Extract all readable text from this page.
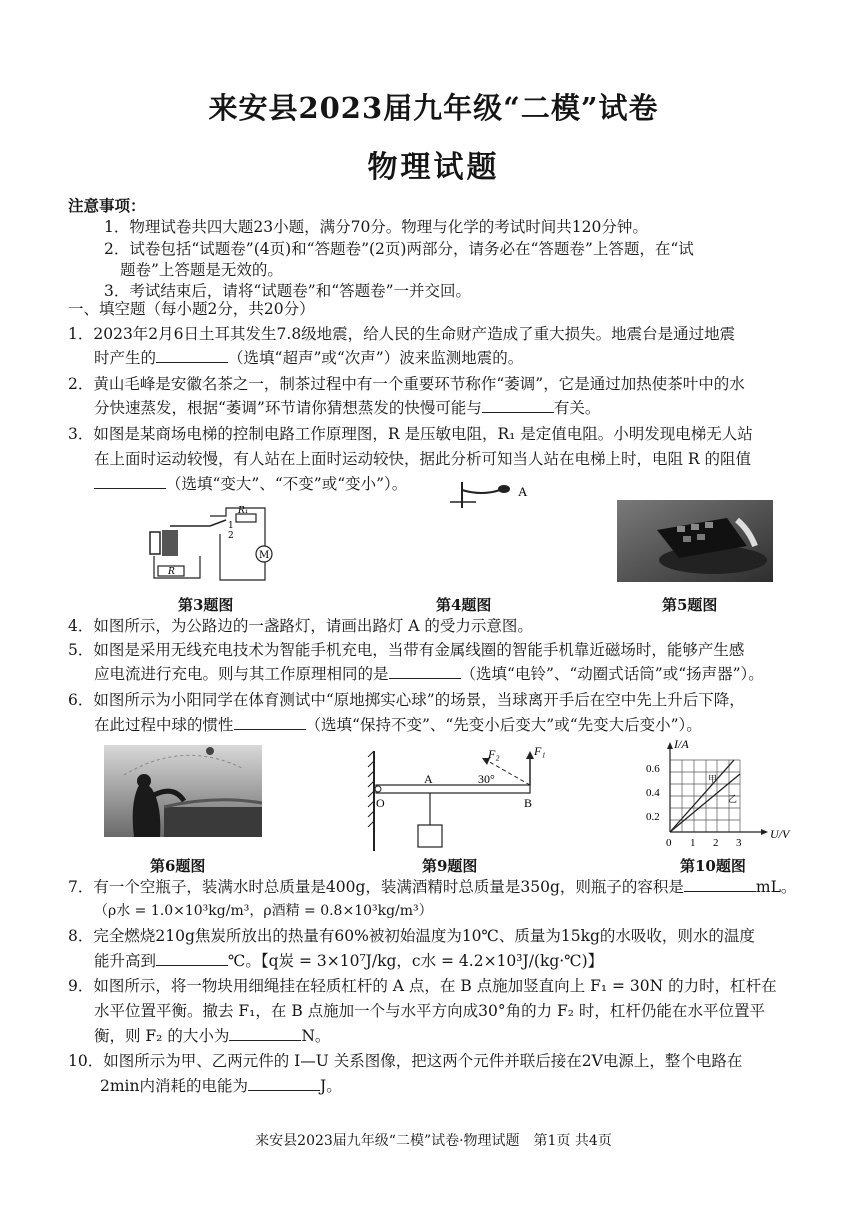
来安县2023届九年级“二模”试卷
物理试题
注意事项：
1．物理试卷共四大题23小题，满分70分。物理与化学的考试时间共120分钟。
2．试卷包括“试题卷”(4页)和“答题卷”(2页)两部分，请务必在“答题卷”上答题，在“试
题卷”上答题是无效的。
3．考试结束后，请将“试题卷”和“答题卷”一并交回。
一、填空题（每小题2分，共20分）
1．2023年2月6日土耳其发生7.8级地震，给人民的生命财产造成了重大损失。地震台是通过地震
时产生的	（选填“超声”或“次声”）波来监测地震的。
2．黄山毛峰是安徽名茶之一，制茶过程中有一个重要环节称作“萎调”，它是通过加热使茶叶中的水
分快速蒸发，根据“萎调”环节请你猜想蒸发的快慢可能与	有关。
3．如图是某商场电梯的控制电路工作原理图，R 是压敏电阻，R₁ 是定值电阻。小明发现电梯无人站
在上面时运动较慢，有人站在上面时运动较快，据此分析可知当人站在电梯上时，电阻 R 的阻值
（选填“变大”、“不变”或“变小”）。	A
R
R₁
1
2
M
第3题图	第4题图	第5题图
4．如图所示，为公路边的一盏路灯，请画出路灯 A 的受力示意图。
5．如图是采用无线充电技术为智能手机充电，当带有金属线圈的智能手机靠近磁场时，能够产生感
应电流进行充电。则与其工作原理相同的是	（选填“电铃”、“动圈式话筒”或“扬声器”）。
6．如图所示为小阳同学在体育测试中“原地掷实心球”的场景，当球离开手后在空中先上升后下降，
在此过程中球的惯性	（选填“保持不变”、“先变小后变大”或“先变大后变小”）。
F₁
F₂
30°
A
B
O
I/A
U/V
0.6
0.4
0.2
0 1 2 3
甲
乙
第6题图	第9题图	第10题图
7．有一个空瓶子，装满水时总质量是400g，装满酒精时总质量是350g，则瓶子的容积是	mL。
（ρ水 = 1.0×10³kg/m³，ρ酒精 = 0.8×10³kg/m³）
8．完全燃烧210g焦炭所放出的热量有60%被初始温度为10℃、质量为15kg的水吸收，则水的温度
能升高到	℃。【q炭 = 3×10⁷J/kg，c水 = 4.2×10³J/(kg·℃)】
9．如图所示，将一物块用细绳挂在轻质杠杆的 A 点，在 B 点施加竖直向上 F₁ = 30N 的力时，杠杆在
水平位置平衡。撤去 F₁，在 B 点施加一个与水平方向成30°角的力 F₂ 时，杠杆仍能在水平位置平
衡，则 F₂ 的大小为	N。
10．如图所示为甲、乙两元件的 I—U 关系图像，把这两个元件并联后接在2V电源上，整个电路在
2min内消耗的电能为	J。
来安县2023届九年级“二模”试卷·物理试题　第1页 共4页
